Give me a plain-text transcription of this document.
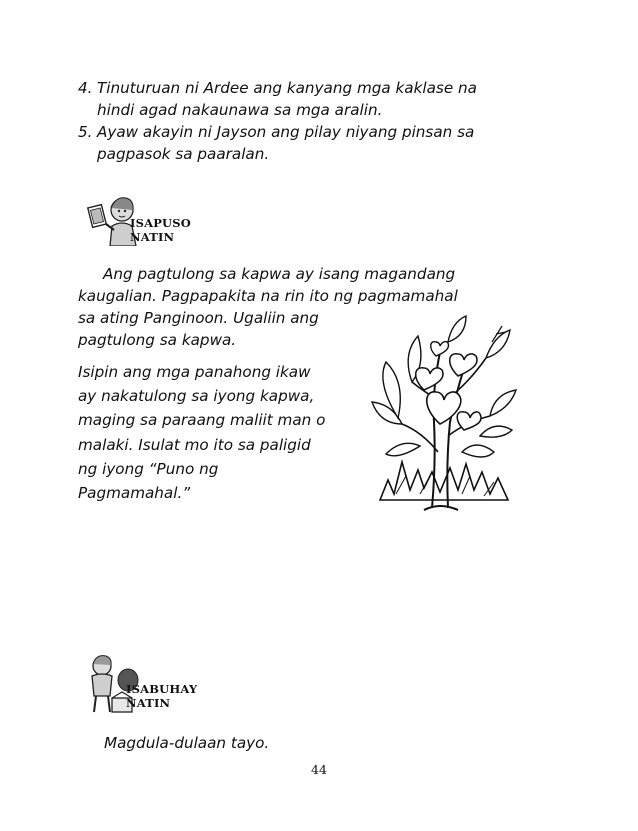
4. Tinuturuan ni Ardee ang kanyang mga kaklase na
hindi agad nakaunawa sa mga aralin.
5. Ayaw akayin ni Jayson ang pilay niyang pinsan sa
pagpasok sa paaralan.
ISAPUSO NATIN
Ang pagtulong sa kapwa ay isang magandang
kaugalian. Pagpapakita na rin ito ng pagmamahal
sa ating Panginoon. Ugaliin ang
pagtulong sa kapwa.
Isipin ang mga panahong ikaw
ay nakatulong sa iyong kapwa,
maging sa paraang maliit man o
malaki. Isulat mo ito sa paligid
ng iyong “Puno ng
Pagmamahal.”
ISABUHAY NATIN
Magdula-dulaan tayo.
44
